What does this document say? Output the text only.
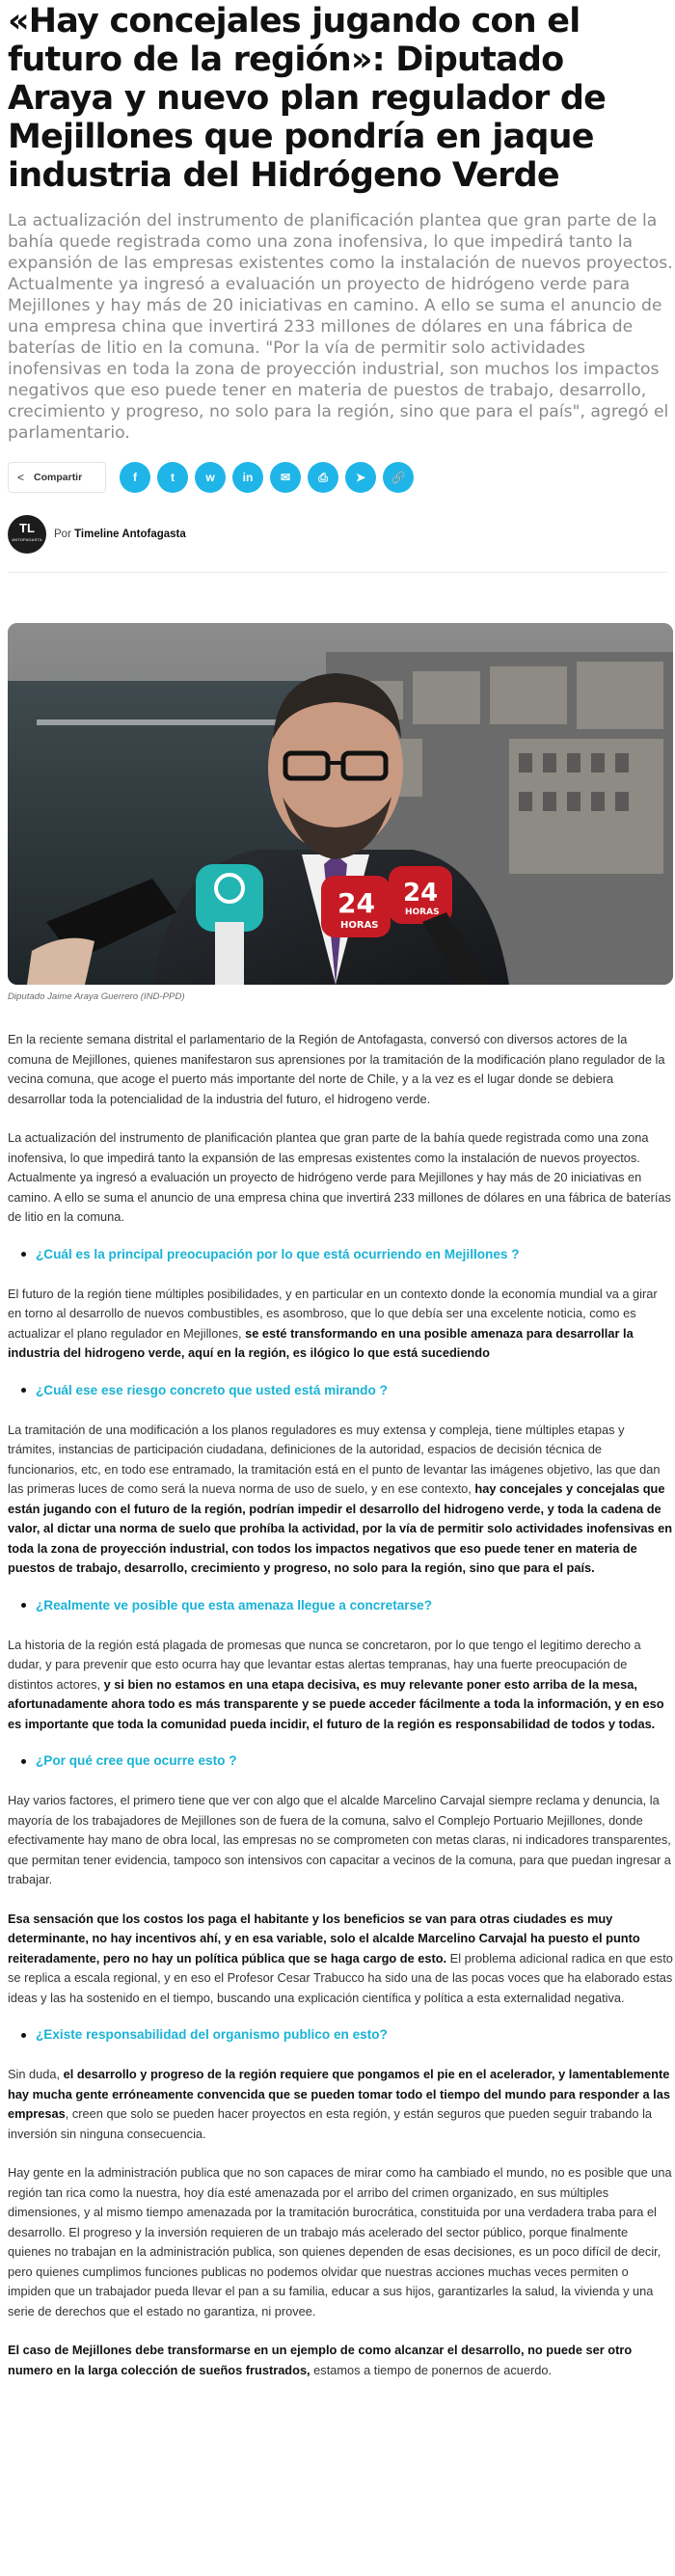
«Hay concejales jugando con el futuro de la región»: Diputado Araya y nuevo plan regulador de Mejillones que pondría en jaque industria del Hidrógeno Verde

La actualización del instrumento de planificación plantea que gran parte de la bahía quede registrada como una zona inofensiva, lo que impedirá tanto la expansión de las empresas existentes como la instalación de nuevos proyectos. Actualmente ya ingresó a evaluación un proyecto de hidrógeno verde para Mejillones y hay más de 20 iniciativas en camino. A ello se suma el anuncio de una empresa china que invertirá 233 millones de dólares en una fábrica de baterías de litio en la comuna. "Por la vía de permitir solo actividades inofensivas en toda la zona de proyección industrial, son muchos los impactos negativos que eso puede tener en materia de puestos de trabajo, desarrollo, crecimiento y progreso, no solo para la región, sino que para el país", agregó el parlamentario.

< Compartir	f	t	w	in	✉	⎙	➤	🔗
TL
ANTOFAGASTA Por Timeline Antofagasta
24
HORAS
24
HORAS
Diputado Jaime Araya Guerrero (IND-PPD)

En la reciente semana distrital el parlamentario de la Región de Antofagasta, conversó con diversos actores de la comuna de Mejillones, quienes manifestaron sus aprensiones por la tramitación de la modificación plano regulador de la vecina comuna, que acoge el puerto más importante del norte de Chile, y a la vez es el lugar donde se debiera desarrollar toda la potencialidad de la industria del futuro, el hidrogeno verde.

La actualización del instrumento de planificación plantea que gran parte de la bahía quede registrada como una zona inofensiva, lo que impedirá tanto la expansión de las empresas existentes como la instalación de nuevos proyectos. Actualmente ya ingresó a evaluación un proyecto de hidrógeno verde para Mejillones y hay más de 20 iniciativas en camino. A ello se suma el anuncio de una empresa china que invertirá 233 millones de dólares en una fábrica de baterías de litio en la comuna.

¿Cuál es la principal preocupación por lo que está ocurriendo en Mejillones ?

El futuro de la región tiene múltiples posibilidades, y en particular en un contexto donde la economía mundial va a girar en torno al desarrollo de nuevos combustibles, es asombroso, que lo que debía ser una excelente noticia, como es actualizar el plano regulador en Mejillones, se esté transformando en una posible amenaza para desarrollar la industria del hidrogeno verde, aquí en la región, es ilógico lo que está sucediendo

¿Cuál ese ese riesgo concreto que usted está mirando ?

La tramitación de una modificación a los planos reguladores es muy extensa y compleja, tiene múltiples etapas y trámites, instancias de participación ciudadana, definiciones de la autoridad, espacios de decisión técnica de funcionarios, etc, en todo ese entramado, la tramitación está en el punto de levantar las imágenes objetivo, las que dan las primeras luces de como será la nueva norma de uso de suelo, y en ese contexto, hay concejales y concejalas que están jugando con el futuro de la región, podrían impedir el desarrollo del hidrogeno verde, y toda la cadena de valor, al dictar una norma de suelo que prohíba la actividad, por la vía de permitir solo actividades inofensivas en toda la zona de proyección industrial, con todos los impactos negativos que eso puede tener en materia de puestos de trabajo, desarrollo, crecimiento y progreso, no solo para la región, sino que para el país.

¿Realmente ve posible que esta amenaza llegue a concretarse?

La historia de la región está plagada de promesas que nunca se concretaron, por lo que tengo el legitimo derecho a dudar, y para prevenir que esto ocurra hay que levantar estas alertas tempranas, hay una fuerte preocupación de distintos actores, y si bien no estamos en una etapa decisiva, es muy relevante poner esto arriba de la mesa, afortunadamente ahora todo es más transparente y se puede acceder fácilmente a toda la información, y en eso es importante que toda la comunidad pueda incidir, el futuro de la región es responsabilidad de todos y todas.

¿Por qué cree que ocurre esto ?

Hay varios factores, el primero tiene que ver con algo que el alcalde Marcelino Carvajal siempre reclama y denuncia, la mayoría de los trabajadores de Mejillones son de fuera de la comuna, salvo el Complejo Portuario Mejillones, donde efectivamente hay mano de obra local, las empresas no se comprometen con metas claras, ni indicadores transparentes, que permitan tener evidencia, tampoco son intensivos con capacitar a vecinos de la comuna, para que puedan ingresar a trabajar.

Esa sensación que los costos los paga el habitante y los beneficios se van para otras ciudades es muy determinante, no hay incentivos ahí, y en esa variable, solo el alcalde Marcelino Carvajal ha puesto el punto reiteradamente, pero no hay un política pública que se haga cargo de esto. El problema adicional radica en que esto se replica a escala regional, y en eso el Profesor Cesar Trabucco ha sido una de las pocas voces que ha elaborado estas ideas y las ha sostenido en el tiempo, buscando una explicación científica y política a esta externalidad negativa.

¿Existe responsabilidad del organismo publico en esto?

Sin duda, el desarrollo y progreso de la región requiere que pongamos el pie en el acelerador, y lamentablemente hay mucha gente erróneamente convencida que se pueden tomar todo el tiempo del mundo para responder a las empresas, creen que solo se pueden hacer proyectos en esta región, y están seguros que pueden seguir trabando la inversión sin ninguna consecuencia.

Hay gente en la administración publica que no son capaces de mirar como ha cambiado el mundo, no es posible que una región tan rica como la nuestra, hoy día esté amenazada por el arribo del crimen organizado, en sus múltiples dimensiones, y al mismo tiempo amenazada por la tramitación burocrática, constituida por una verdadera traba para el desarrollo. El progreso y la inversión requieren de un trabajo más acelerado del sector público, porque finalmente quienes no trabajan en la administración publica, son quienes dependen de esas decisiones, es un poco difícil de decir, pero quienes cumplimos funciones publicas no podemos olvidar que nuestras acciones muchas veces permiten o impiden que un trabajador pueda llevar el pan a su familia, educar a sus hijos, garantizarles la salud, la vivienda y una serie de derechos que el estado no garantiza, ni provee.

El caso de Mejillones debe transformarse en un ejemplo de como alcanzar el desarrollo, no puede ser otro numero en la larga colección de sueños frustrados, estamos a tiempo de ponernos de acuerdo.
